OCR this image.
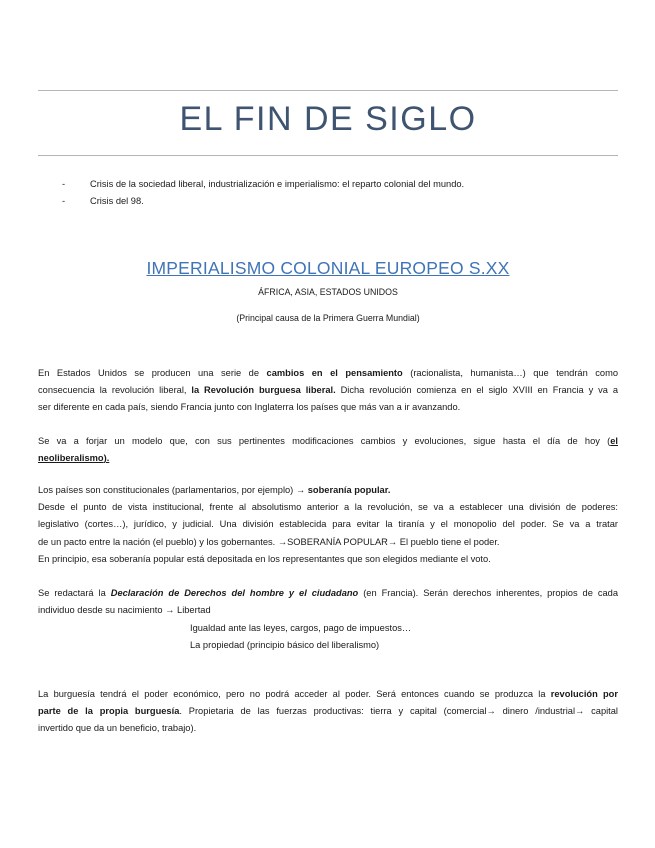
EL FIN DE SIGLO
-	Crisis de la sociedad liberal, industrialización e imperialismo: el reparto colonial del mundo.
-	Crisis del 98.
IMPERIALISMO COLONIAL EUROPEO S.XX
ÁFRICA, ASIA, ESTADOS UNIDOS
(Principal causa de la Primera Guerra Mundial)
En Estados Unidos se producen una serie de cambios en el pensamiento (racionalista, humanista…) que tendrán como
consecuencia la revolución liberal, la Revolución burguesa liberal. Dicha revolución comienza en el siglo XVIII en Francia y va a
ser diferente en cada país, siendo Francia junto con Inglaterra los países que más van a ir avanzando.
Se va a forjar un modelo que, con sus pertinentes modificaciones cambios y evoluciones, sigue hasta el día de hoy (el
neoliberalismo).
Los países son constitucionales (parlamentarios, por ejemplo) → soberanía popular.
Desde el punto de vista institucional, frente al absolutismo anterior a la revolución, se va a establecer una división de poderes:
legislativo (cortes…), jurídico, y judicial. Una división establecida para evitar la tiranía y el monopolio del poder. Se va a tratar
de un pacto entre la nación (el pueblo) y los gobernantes. →SOBERANÍA POPULAR→ El pueblo tiene el poder.
En principio, esa soberanía popular está depositada en los representantes que son elegidos mediante el voto.
Se redactará la Declaración de Derechos del hombre y el ciudadano (en Francia). Serán derechos inherentes, propios de cada
individuo desde su nacimiento → Libertad
Igualdad ante las leyes, cargos, pago de impuestos…
La propiedad (principio básico del liberalismo)
La burguesía tendrá el poder económico, pero no podrá acceder al poder. Será entonces cuando se produzca la revolución por
parte de la propia burguesía. Propietaria de las fuerzas productivas: tierra y capital (comercial→ dinero /industrial→ capital
invertido que da un beneficio, trabajo).
